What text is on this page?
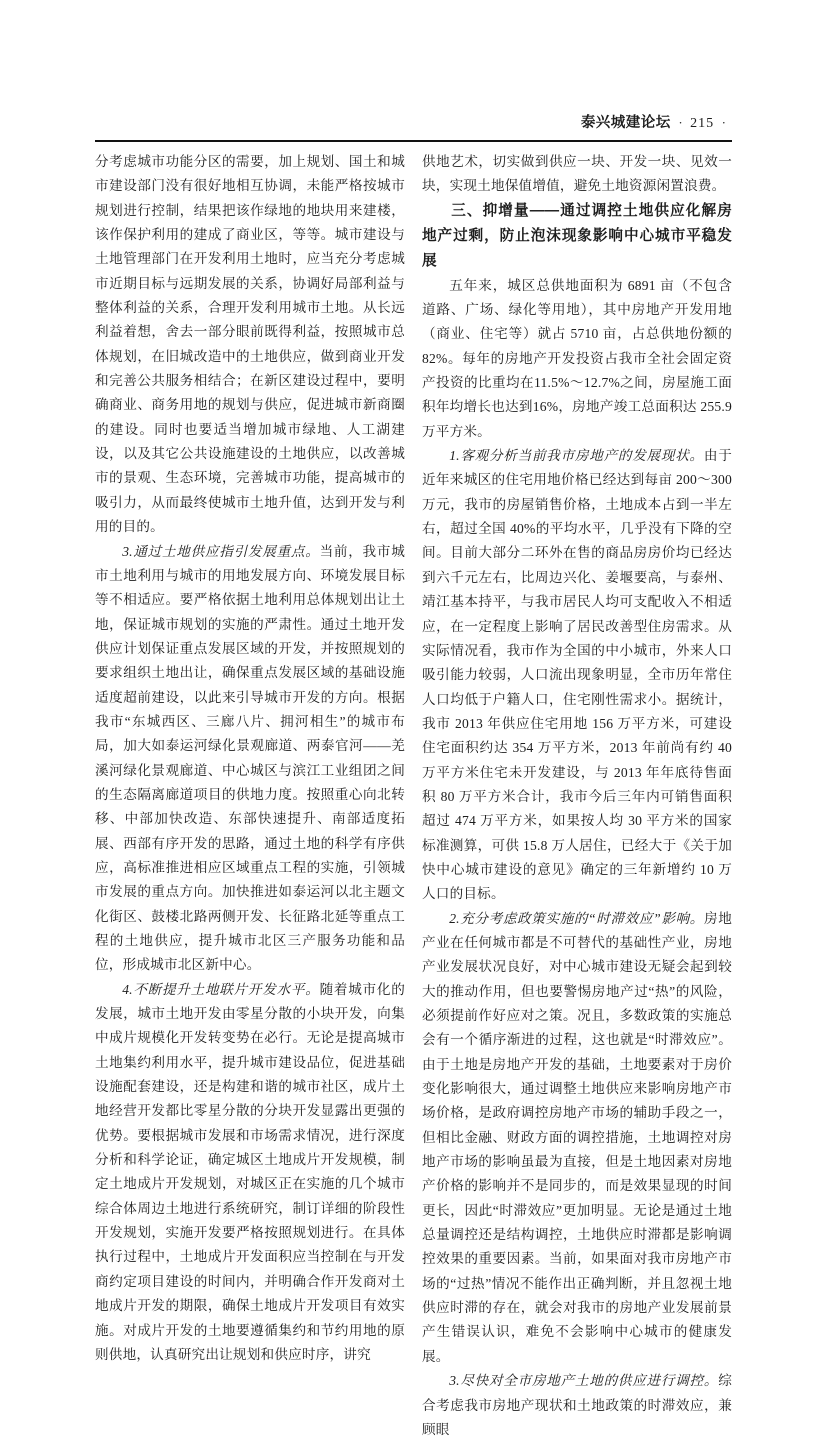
泰兴城建论坛 · 215 ·

分考虑城市功能分区的需要，加上规划、国土和城市建设部门没有很好地相互协调，未能严格按城市规划进行控制，结果把该作绿地的地块用来建楼，该作保护利用的建成了商业区，等等。城市建设与土地管理部门在开发利用土地时，应当充分考虑城市近期目标与远期发展的关系，协调好局部利益与整体利益的关系，合理开发利用城市土地。从长远利益着想，舍去一部分眼前既得利益，按照城市总体规划，在旧城改造中的土地供应，做到商业开发和完善公共服务相结合；在新区建设过程中，要明确商业、商务用地的规划与供应，促进城市新商圈的建设。同时也要适当增加城市绿地、人工湖建设，以及其它公共设施建设的土地供应，以改善城市的景观、生态环境，完善城市功能，提高城市的吸引力，从而最终使城市土地升值，达到开发与利用的目的。

3.通过土地供应指引发展重点。当前，我市城市土地利用与城市的用地发展方向、环境发展目标等不相适应。要严格依据土地利用总体规划出让土地，保证城市规划的实施的严肃性。通过土地开发供应计划保证重点发展区域的开发，并按照规划的要求组织土地出让，确保重点发展区域的基础设施适度超前建设，以此来引导城市开发的方向。根据我市“东城西区、三廊八片、拥河相生”的城市布局，加大如泰运河绿化景观廊道、两泰官河——羌溪河绿化景观廊道、中心城区与滨江工业组团之间的生态隔离廊道项目的供地力度。按照重心向北转移、中部加快改造、东部快速提升、南部适度拓展、西部有序开发的思路，通过土地的科学有序供应，高标准推进相应区域重点工程的实施，引领城市发展的重点方向。加快推进如泰运河以北主题文化街区、鼓楼北路两侧开发、长征路北延等重点工程的土地供应，提升城市北区三产服务功能和品位，形成城市北区新中心。

4.不断提升土地联片开发水平。随着城市化的发展，城市土地开发由零星分散的小块开发，向集中成片规模化开发转变势在必行。无论是提高城市土地集约利用水平，提升城市建设品位，促进基础设施配套建设，还是构建和谐的城市社区，成片土地经营开发都比零星分散的分块开发显露出更强的优势。要根据城市发展和市场需求情况，进行深度分析和科学论证，确定城区土地成片开发规模，制定土地成片开发规划，对城区正在实施的几个城市综合体周边土地进行系统研究，制订详细的阶段性开发规划，实施开发要严格按照规划进行。在具体执行过程中，土地成片开发面积应当控制在与开发商约定项目建设的时间内，并明确合作开发商对土地成片开发的期限，确保土地成片开发项目有效实施。对成片开发的土地要遵循集约和节约用地的原则供地，认真研究出让规划和供应时序，讲究

供地艺术，切实做到供应一块、开发一块、见效一块，实现土地保值增值，避免土地资源闲置浪费。

三、抑增量——通过调控土地供应化解房地产过剩，防止泡沫现象影响中心城市平稳发展

五年来，城区总供地面积为 6891 亩（不包含道路、广场、绿化等用地），其中房地产开发用地（商业、住宅等）就占 5710 亩，占总供地份额的 82%。每年的房地产开发投资占我市全社会固定资产投资的比重均在11.5%～12.7%之间，房屋施工面积年均增长也达到16%，房地产竣工总面积达 255.9 万平方米。

1.客观分析当前我市房地产的发展现状。由于近年来城区的住宅用地价格已经达到每亩 200～300 万元，我市的房屋销售价格，土地成本占到一半左右，超过全国 40%的平均水平，几乎没有下降的空间。目前大部分二环外在售的商品房房价均已经达到六千元左右，比周边兴化、姜堰要高，与泰州、靖江基本持平，与我市居民人均可支配收入不相适应，在一定程度上影响了居民改善型住房需求。从实际情况看，我市作为全国的中小城市，外来人口吸引能力较弱，人口流出现象明显，全市历年常住人口均低于户籍人口，住宅刚性需求小。据统计，我市 2013 年供应住宅用地 156 万平方米，可建设住宅面积约达 354 万平方米，2013 年前尚有约 40 万平方米住宅未开发建设，与 2013 年年底待售面积 80 万平方米合计，我市今后三年内可销售面积超过 474 万平方米，如果按人均 30 平方米的国家标准测算，可供 15.8 万人居住，已经大于《关于加快中心城市建设的意见》确定的三年新增约 10 万人口的目标。

2.充分考虑政策实施的“时滞效应”影响。房地产业在任何城市都是不可替代的基础性产业，房地产业发展状况良好，对中心城市建设无疑会起到较大的推动作用，但也要警惕房地产过“热”的风险，必须提前作好应对之策。况且，多数政策的实施总会有一个循序渐进的过程，这也就是“时滞效应”。由于土地是房地产开发的基础，土地要素对于房价变化影响很大，通过调整土地供应来影响房地产市场价格，是政府调控房地产市场的辅助手段之一，但相比金融、财政方面的调控措施，土地调控对房地产市场的影响虽最为直接，但是土地因素对房地产价格的影响并不是同步的，而是效果显现的时间更长，因此“时滞效应”更加明显。无论是通过土地总量调控还是结构调控，土地供应时滞都是影响调控效果的重要因素。当前，如果面对我市房地产市场的“过热”情况不能作出正确判断，并且忽视土地供应时滞的存在，就会对我市的房地产业发展前景产生错误认识，难免不会影响中心城市的健康发展。

3.尽快对全市房地产土地的供应进行调控。综合考虑我市房地产现状和土地政策的时滞效应，兼顾眼
